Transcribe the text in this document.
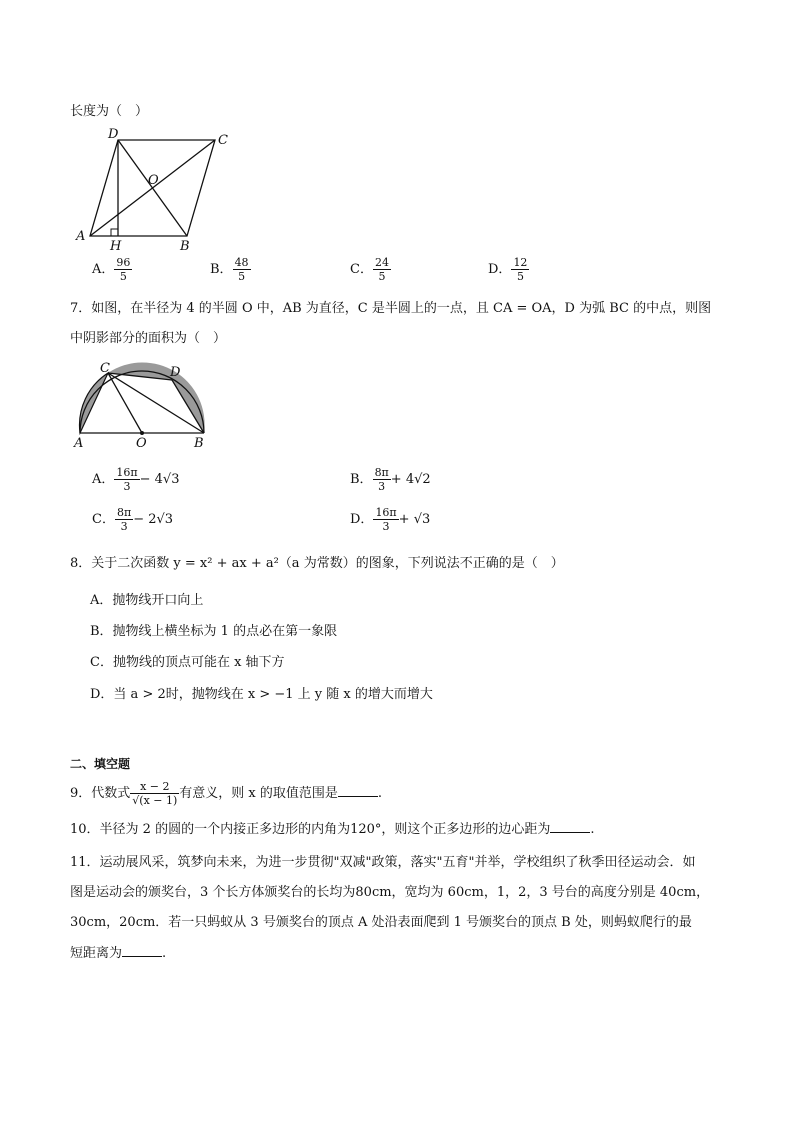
长度为（　）
D	C
O
A
H	B
A． $\frac{96}{5}$	B． $\frac{48}{5}$	C． $\frac{24}{5}$	D． $\frac{12}{5}$
7．如图，在半径为 4 的半圆 O 中，AB 为直径，C 是半圆上的一点，且 CA = OA，D 为弧 BC 的中点，则图
中阴影部分的面积为（　）
C	D
A	O	B
A． $\frac{16\pi}{3} - 4√3$	B． $\frac{8\pi}{3} + 4√2$
C． $\frac{8\pi}{3} - 2√3$	D． $\frac{16\pi}{3} + √3$
8．关于二次函数 y = x² + ax + a²（a 为常数）的图象，下列说法不正确的是（　）
A．抛物线开口向上
B．抛物线上横坐标为 1 的点必在第一象限
C．抛物线的顶点可能在 x 轴下方
D．当 a > 2时，抛物线在 x > −1 上 y 随 x 的增大而增大
二、填空题
9．代数式 $\frac{x - 2}{√(x - 1)}$ 有意义，则 x 的取值范围是	.
10．半径为 2 的圆的一个内接正多边形的内角为120°，则这个正多边形的边心距为	.
11．运动展风采，筑梦向未来，为进一步贯彻"双减"政策，落实"五育"并举，学校组织了秋季田径运动会．如
图是运动会的颁奖台，3 个长方体颁奖台的长均为80cm，宽均为 60cm，1，2，3 号台的高度分别是 40cm，
30cm，20cm．若一只蚂蚁从 3 号颁奖台的顶点 A 处沿表面爬到 1 号颁奖台的顶点 B 处，则蚂蚁爬行的最
短距离为	.
